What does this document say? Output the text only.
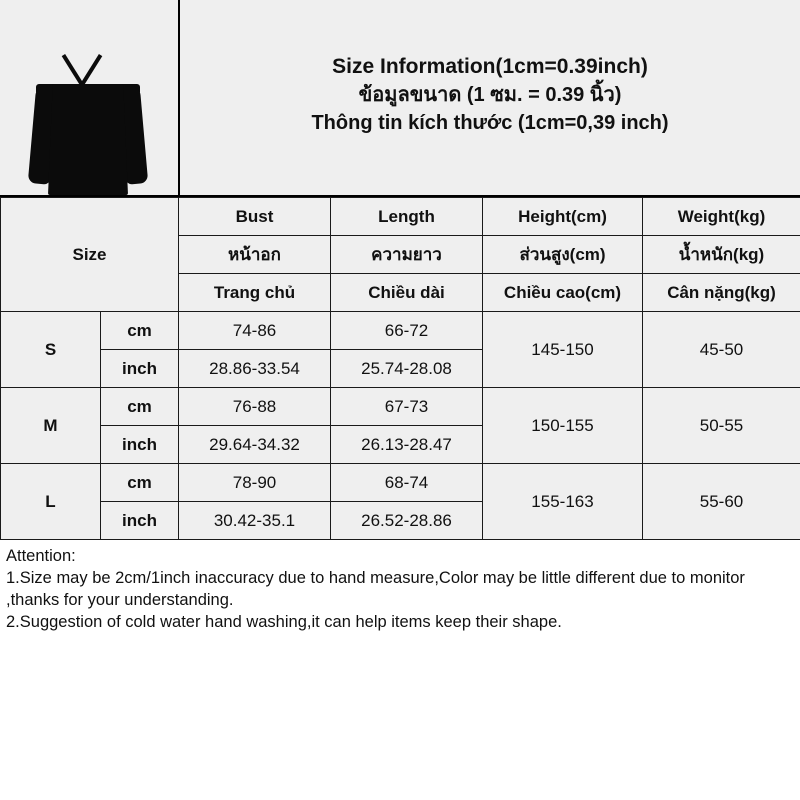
Size Information(1cm=0.39inch)
ข้อมูลขนาด (1 ซม. = 0.39 นิ้ว)
Thông tin kích thước (1cm=0,39 inch)
Size		Bust	Length	Height(cm)	Weight(kg)
		หน้าอก	ความยาว	ส่วนสูง(cm)	น้ำหนัก(kg)
		Trang chủ	Chiều dài	Chiều cao(cm)	Cân nặng(kg)
S	cm	74-86	66-72	145-150	45-50
	inch	28.86-33.54	25.74-28.08		
M	cm	76-88	67-73	150-155	50-55
	inch	29.64-34.32	26.13-28.47		
L	cm	78-90	68-74	155-163	55-60
	inch	30.42-35.1	26.52-28.86		

Attention:

1.Size may be 2cm/1inch inaccuracy due to hand measure,Color may be little different due to monitor ,thanks for your understanding.

2.Suggestion of cold water hand washing,it can help items keep their shape.
